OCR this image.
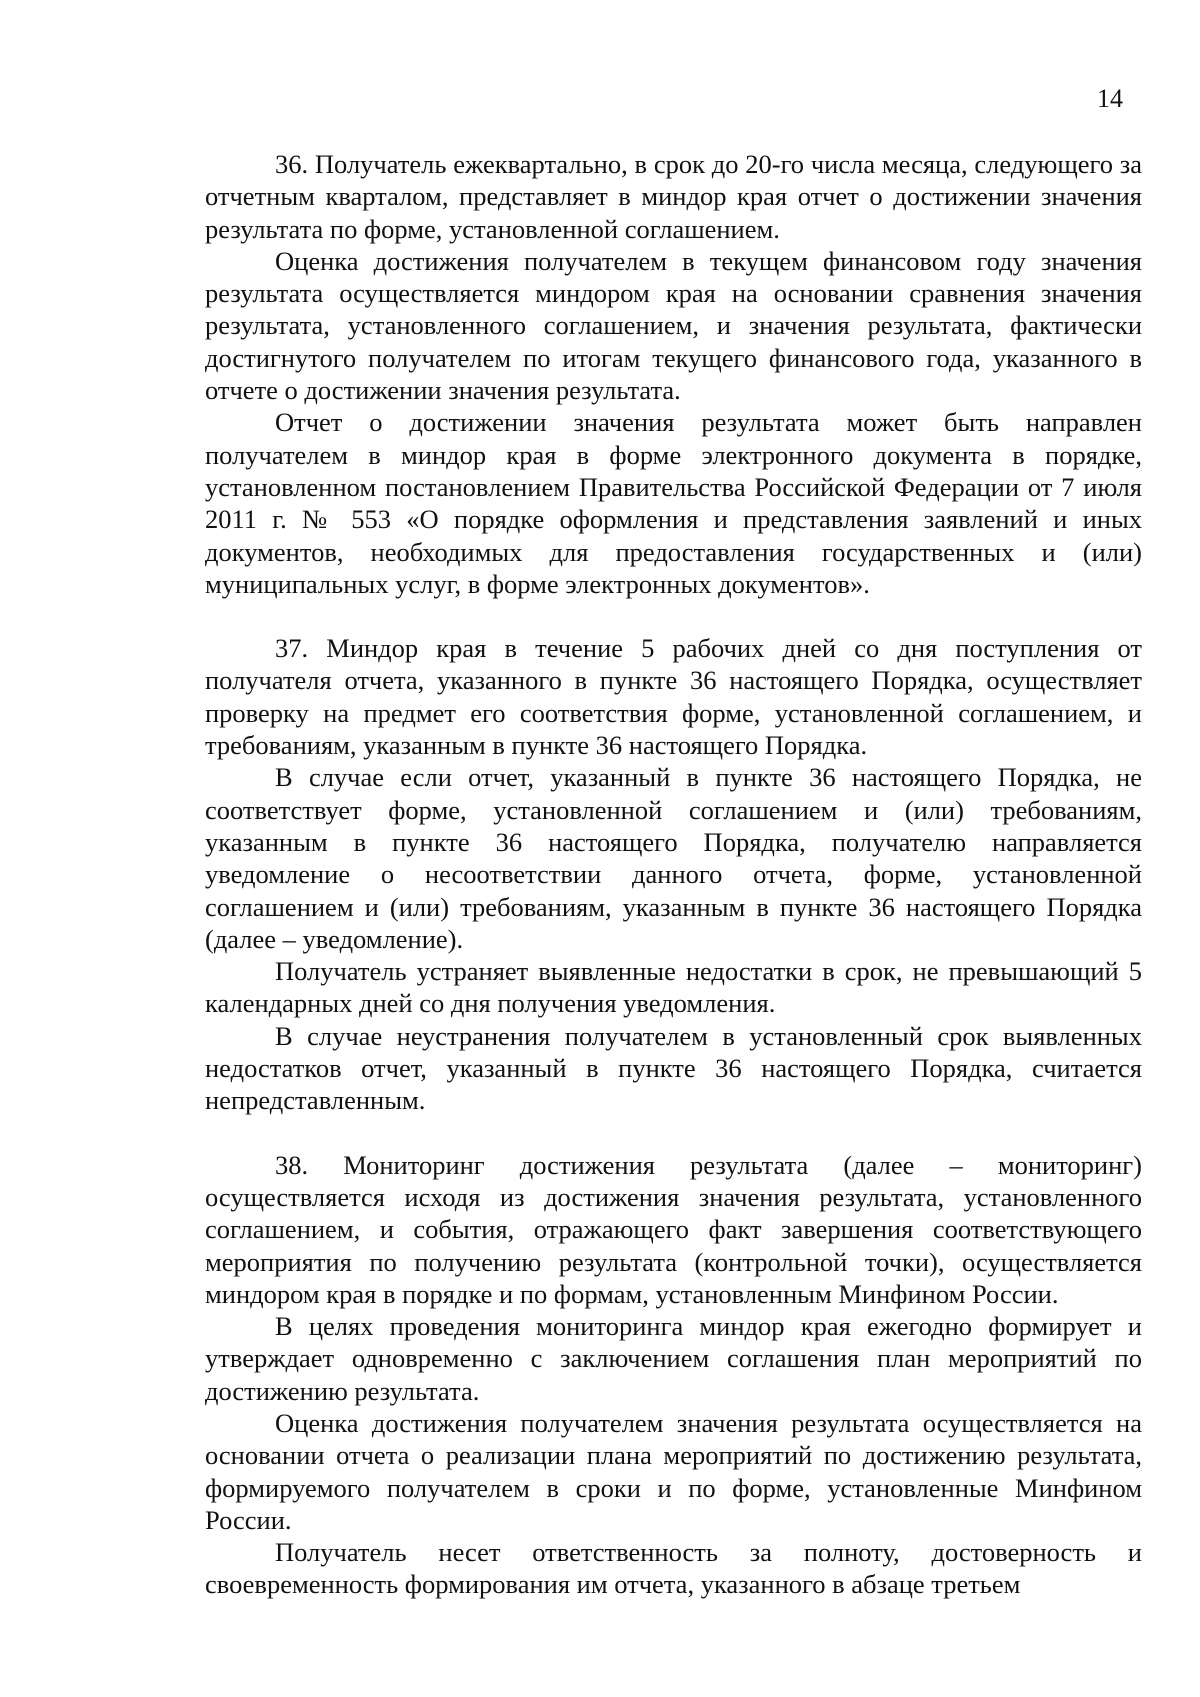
14

36. Получатель ежеквартально, в срок до 20-го числа месяца, следующего за отчетным кварталом, представляет в миндор края отчет о достижении значения результата по форме, установленной соглашением.

Оценка достижения получателем в текущем финансовом году значения результата осуществляется миндором края на основании сравнения значения результата, установленного соглашением, и значения результата, фактически достигнутого получателем по итогам текущего финансового года, указанного в отчете о достижении значения результата.

Отчет о достижении значения результата может быть направлен получателем в миндор края в форме электронного документа в порядке, установленном постановлением Правительства Российской Федерации от 7 июля 2011 г. № 553 «О порядке оформления и представления заявлений и иных документов, необходимых для предоставления государственных и (или) муниципальных услуг, в форме электронных документов».

37. Миндор края в течение 5 рабочих дней со дня поступления от получателя отчета, указанного в пункте 36 настоящего Порядка, осуществляет проверку на предмет его соответствия форме, установленной соглашением, и требованиям, указанным в пункте 36 настоящего Порядка.

В случае если отчет, указанный в пункте 36 настоящего Порядка, не соответствует форме, установленной соглашением и (или) требованиям, указанным в пункте 36 настоящего Порядка, получателю направляется уведомление о несоответствии данного отчета, форме, установленной соглашением и (или) требованиям, указанным в пункте 36 настоящего Порядка (далее – уведомление).

Получатель устраняет выявленные недостатки в срок, не превышающий 5 календарных дней со дня получения уведомления.

В случае неустранения получателем в установленный срок выявленных недостатков отчет, указанный в пункте 36 настоящего Порядка, считается непредставленным.

38. Мониторинг достижения результата (далее – мониторинг) осуществляется исходя из достижения значения результата, установленного соглашением, и события, отражающего факт завершения соответствующего мероприятия по получению результата (контрольной точки), осуществляется миндором края в порядке и по формам, установленным Минфином России.

В целях проведения мониторинга миндор края ежегодно формирует и утверждает одновременно с заключением соглашения план мероприятий по достижению результата.

Оценка достижения получателем значения результата осуществляется на основании отчета о реализации плана мероприятий по достижению результата, формируемого получателем в сроки и по форме, установленные Минфином России.

Получатель несет ответственность за полноту, достоверность и своевременность формирования им отчета, указанного в абзаце третьем
